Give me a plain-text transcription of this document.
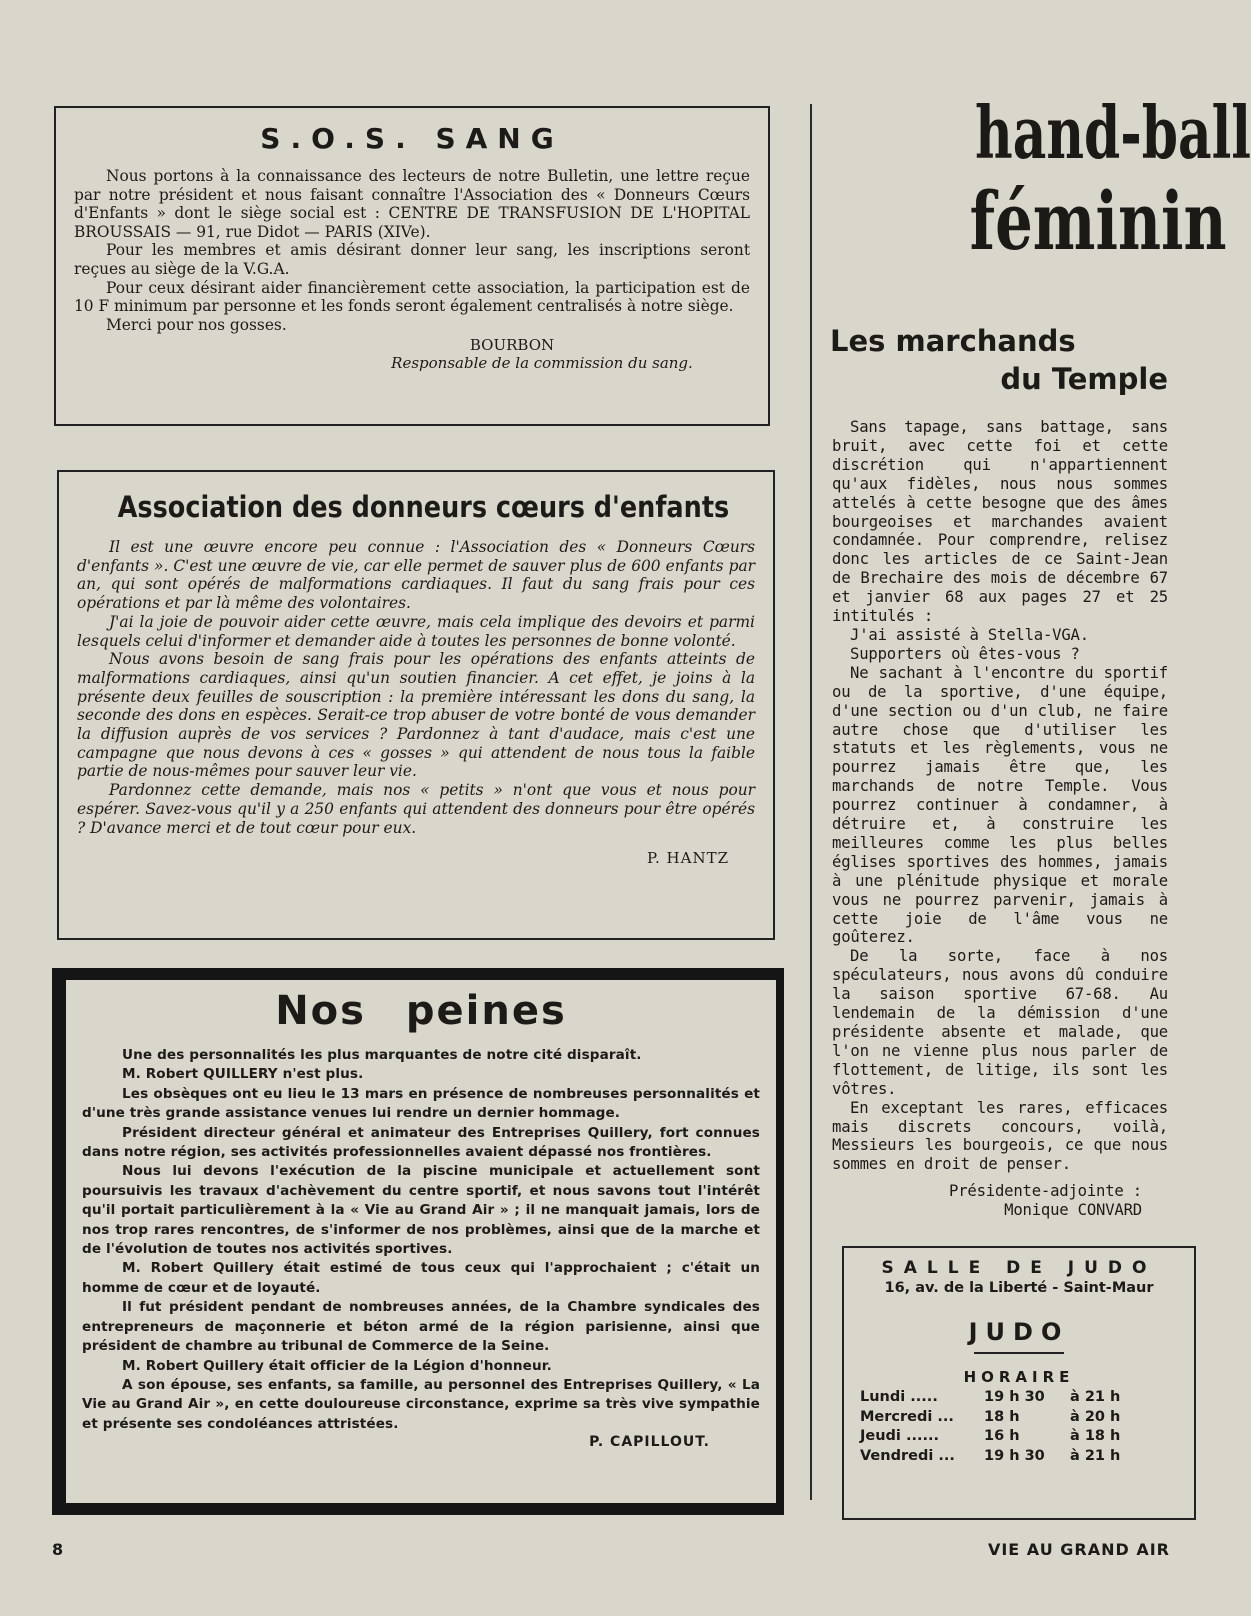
S.O.S. SANG

Nous portons à la connaissance des lecteurs de notre Bulletin, une lettre reçue par notre président et nous faisant connaître l'Association des « Donneurs Cœurs d'Enfants » dont le siège social est : CENTRE DE TRANSFUSION DE L'HOPITAL BROUSSAIS — 91, rue Didot — PARIS (XIVe).

Pour les membres et amis désirant donner leur sang, les inscriptions seront reçues au siège de la V.G.A.

Pour ceux désirant aider financièrement cette association, la participation est de 10 F minimum par personne et les fonds seront également centralisés à notre siège.

Merci pour nos gosses.

BOURBON
Responsable de la commission du sang.
Association des donneurs cœurs d'enfants

Il est une œuvre encore peu connue : l'Association des « Donneurs Cœurs d'enfants ». C'est une œuvre de vie, car elle permet de sauver plus de 600 enfants par an, qui sont opérés de malformations cardiaques. Il faut du sang frais pour ces opérations et par là même des volontaires.

J'ai la joie de pouvoir aider cette œuvre, mais cela implique des devoirs et parmi lesquels celui d'informer et demander aide à toutes les personnes de bonne volonté.

Nous avons besoin de sang frais pour les opérations des enfants atteints de malformations cardiaques, ainsi qu'un soutien financier. A cet effet, je joins à la présente deux feuilles de souscription : la première intéressant les dons du sang, la seconde des dons en espèces. Serait-ce trop abuser de votre bonté de vous demander la diffusion auprès de vos services ? Pardonnez à tant d'audace, mais c'est une campagne que nous devons à ces « gosses » qui attendent de nous tous la faible partie de nous-mêmes pour sauver leur vie.

Pardonnez cette demande, mais nos « petits » n'ont que vous et nous pour espérer. Savez-vous qu'il y a 250 enfants qui attendent des donneurs pour être opérés ? D'avance merci et de tout cœur pour eux.

P. HANTZ
Nos peines

Une des personnalités les plus marquantes de notre cité disparaît.

M. Robert QUILLERY n'est plus.

Les obsèques ont eu lieu le 13 mars en présence de nombreuses personnalités et d'une très grande assistance venues lui rendre un dernier hommage.

Président directeur général et animateur des Entreprises Quillery, fort connues dans notre région, ses activités professionnelles avaient dépassé nos frontières.

Nous lui devons l'exécution de la piscine municipale et actuellement sont poursuivis les travaux d'achèvement du centre sportif, et nous savons tout l'intérêt qu'il portait particulièrement à la « Vie au Grand Air » ; il ne manquait jamais, lors de nos trop rares rencontres, de s'informer de nos problèmes, ainsi que de la marche et de l'évolution de toutes nos activités sportives.

M. Robert Quillery était estimé de tous ceux qui l'approchaient ; c'était un homme de cœur et de loyauté.

Il fut président pendant de nombreuses années, de la Chambre syndicales des entrepreneurs de maçonnerie et béton armé de la région parisienne, ainsi que président de chambre au tribunal de Commerce de la Seine.

M. Robert Quillery était officier de la Légion d'honneur.

A son épouse, ses enfants, sa famille, au personnel des Entreprises Quillery, « La Vie au Grand Air », en cette douloureuse circonstance, exprime sa très vive sympathie et présente ses condoléances attristées.

P. CAPILLOUT.
hand-ball
féminin
Les marchands
du Temple

Sans tapage, sans battage, sans bruit, avec cette foi et cette discrétion qui n'appartiennent qu'aux fidèles, nous nous sommes attelés à cette besogne que des âmes bourgeoises et marchandes avaient condamnée. Pour comprendre, relisez donc les articles de ce Saint-Jean de Brechaire des mois de décembre 67 et janvier 68 aux pages 27 et 25 intitulés :

J'ai assisté à Stella-VGA.

Supporters où êtes-vous ?

Ne sachant à l'encontre du sportif ou de la sportive, d'une équipe, d'une section ou d'un club, ne faire autre chose que d'utiliser les statuts et les règlements, vous ne pourrez jamais être que, les marchands de notre Temple. Vous pourrez continuer à condamner, à détruire et, à construire les meilleures comme les plus belles églises sportives des hommes, jamais à une plénitude physique et morale vous ne pourrez parvenir, jamais à cette joie de l'âme vous ne goûterez.

De la sorte, face à nos spéculateurs, nous avons dû conduire la saison sportive 67-68. Au lendemain de la démission d'une présidente absente et malade, que l'on ne vienne plus nous parler de flottement, de litige, ils sont les vôtres.

En exceptant les rares, efficaces mais discrets concours, voilà, Messieurs les bourgeois, ce que nous sommes en droit de penser.

Présidente-adjointe :
Monique CONVARD
SALLE DE JUDO
16, av. de la Liberté - Saint-Maur
JUDO
HORAIRE
Lundi .....	19 h 30	à 21 h
Mercredi ...	18 h	à 20 h
Jeudi ......	16 h	à 18 h
Vendredi ...	19 h 30	à 21 h
8	VIE AU GRAND AIR
